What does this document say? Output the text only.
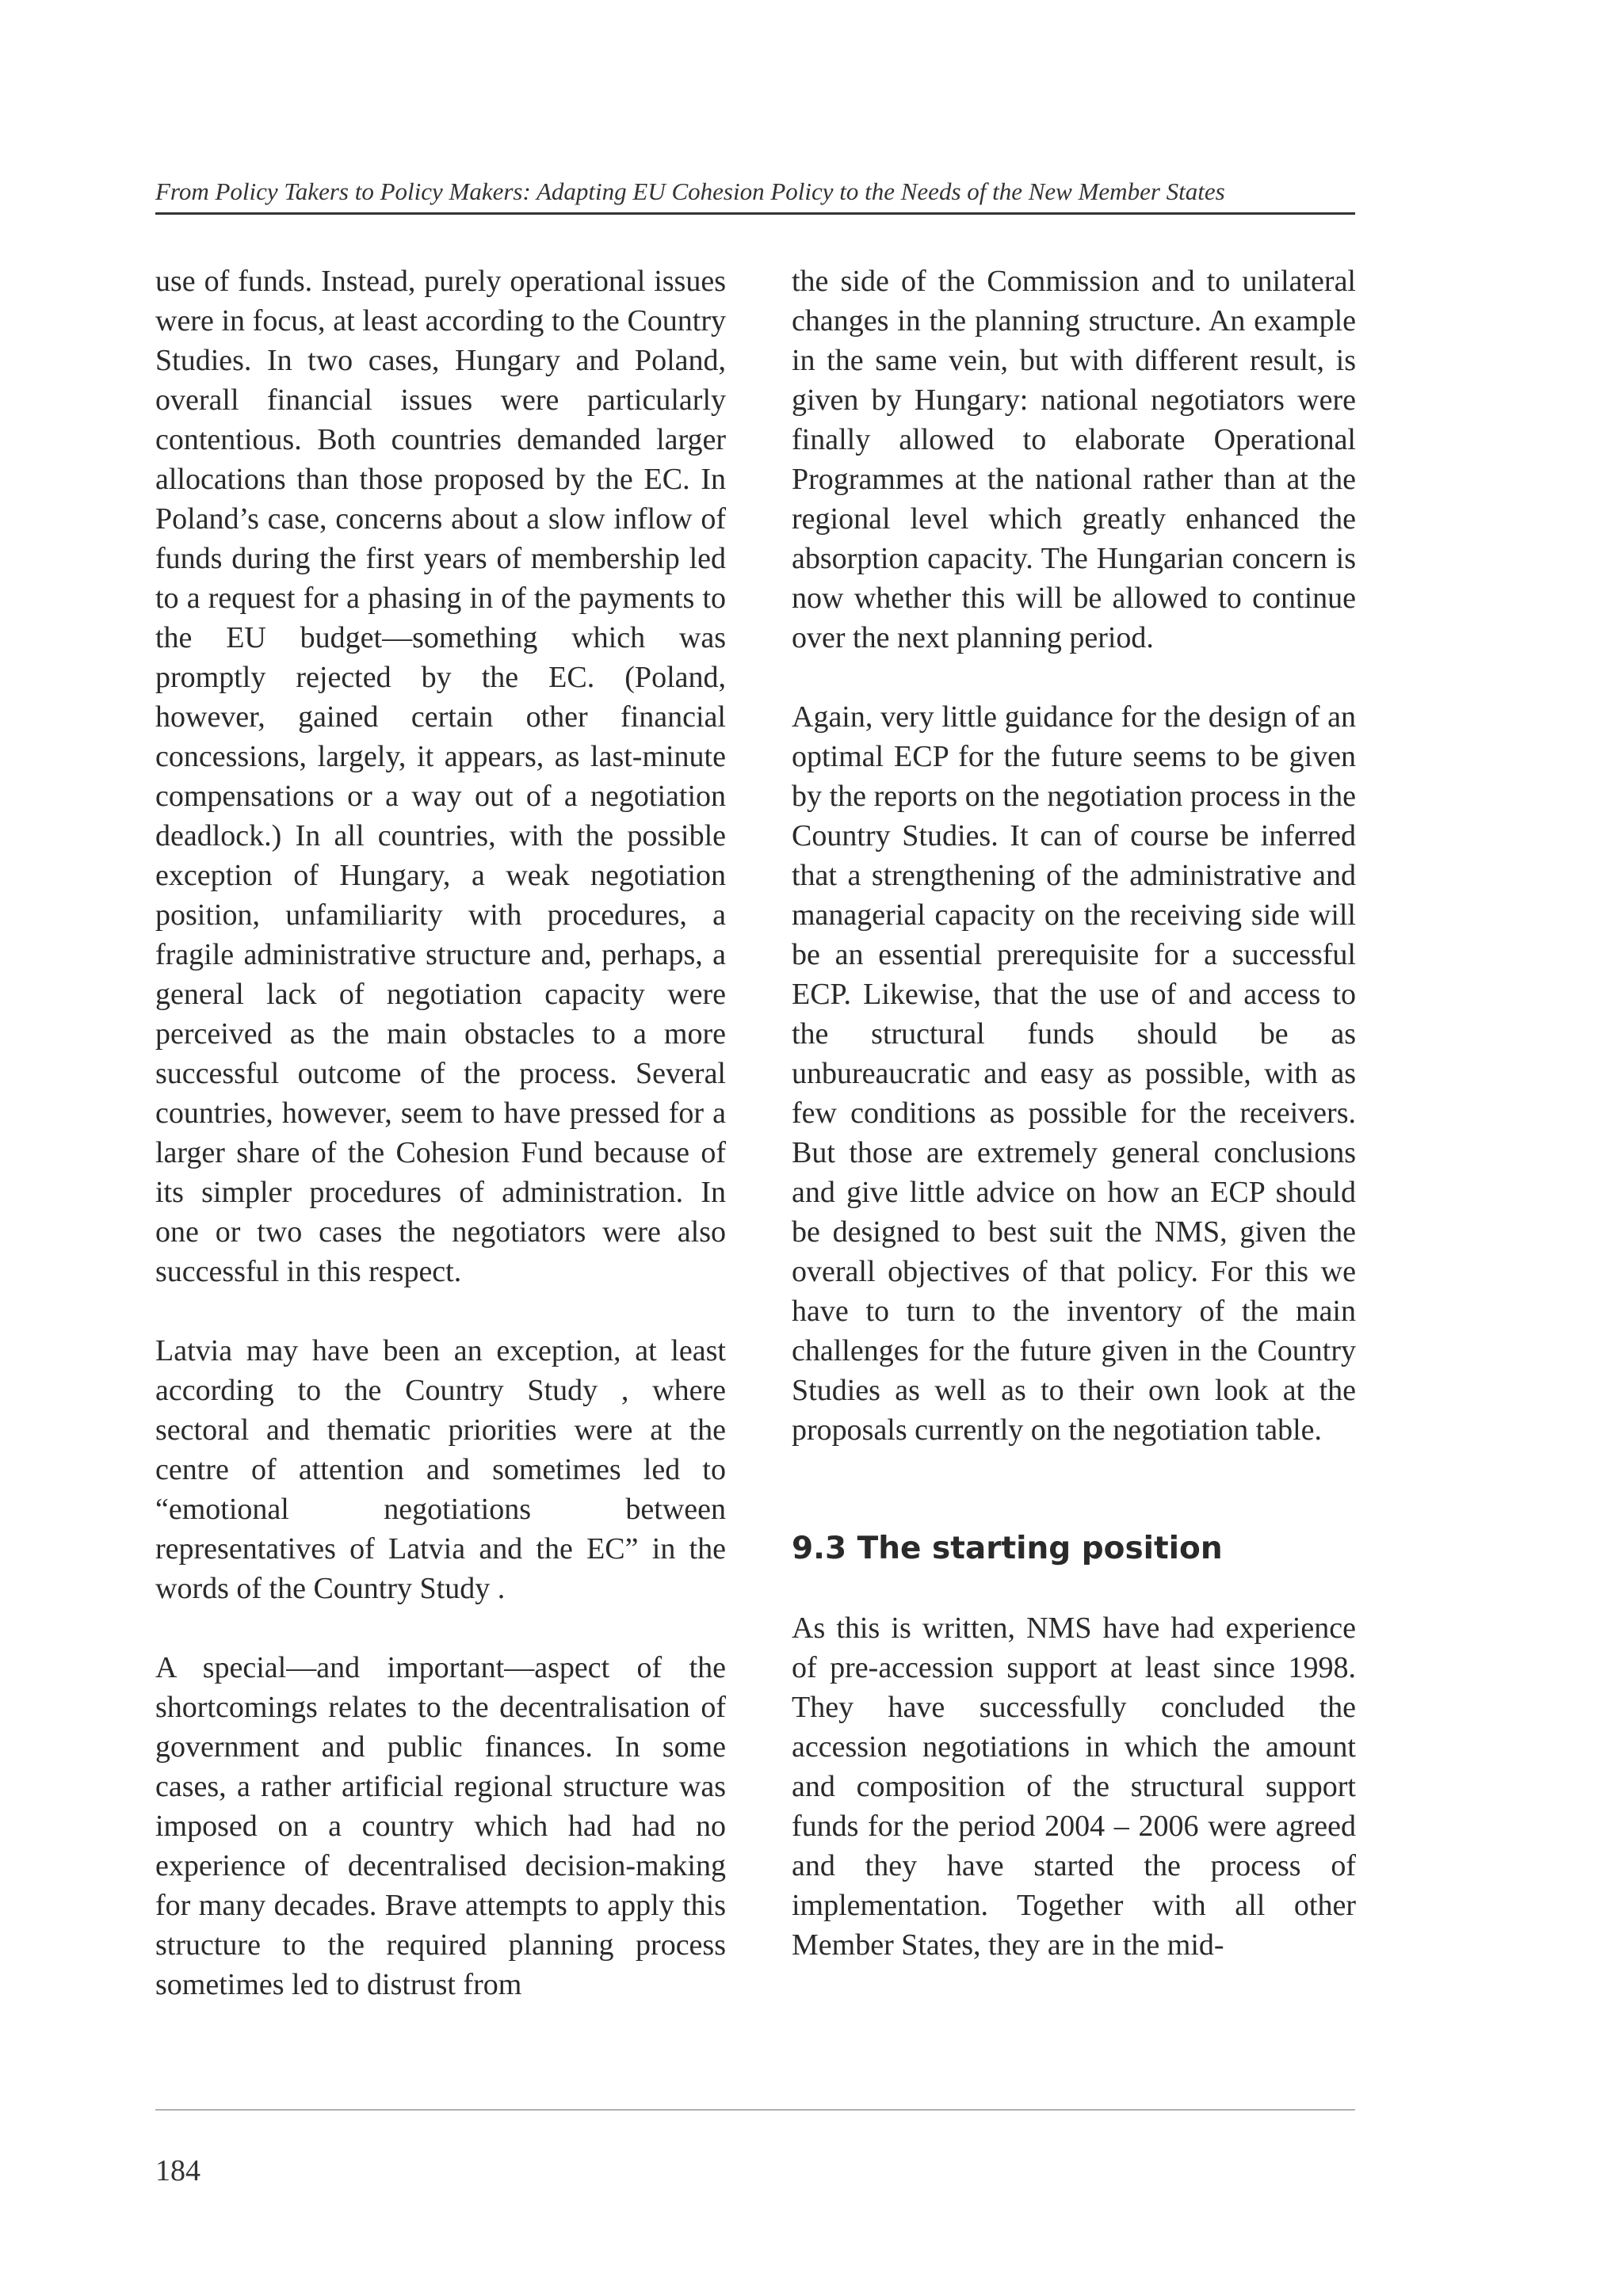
From Policy Takers to Policy Makers: Adapting EU Cohesion Policy to the Needs of the New Member States

use of funds. Instead, purely operational issues were in focus, at least according to the Country Studies. In two cases, Hungary and Poland, overall financial issues were particularly contentious. Both countries demanded larger allocations than those proposed by the EC. In Poland’s case, concerns about a slow inflow of funds during the first years of membership led to a request for a phasing in of the payments to the EU budget—something which was promptly rejected by the EC. (Poland, however, gained certain other financial concessions, largely, it appears, as last-minute compensations or a way out of a negotiation deadlock.) In all countries, with the possible exception of Hungary, a weak negotiation position, unfamiliarity with procedures, a fragile administrative structure and, perhaps, a general lack of negotiation capacity were perceived as the main obstacles to a more successful outcome of the process. Several countries, however, seem to have pressed for a larger share of the Cohesion Fund because of its simpler procedures of administration. In one or two cases the negotiators were also successful in this respect.

Latvia may have been an exception, at least according to the Country Study , where sectoral and thematic priorities were at the centre of attention and sometimes led to “emotional negotiations between representatives of Latvia and the EC” in the words of the Country Study .

A special—and important—aspect of the shortcomings relates to the decentralisation of government and public finances. In some cases, a rather artificial regional structure was imposed on a country which had had no experience of decentralised decision-making for many decades. Brave attempts to apply this structure to the required planning process sometimes led to distrust from

the side of the Commission and to unilateral changes in the planning structure. An example in the same vein, but with different result, is given by Hungary: national negotiators were finally allowed to elaborate Operational Programmes at the national rather than at the regional level which greatly enhanced the absorption capacity. The Hungarian concern is now whether this will be allowed to continue over the next planning period.

Again, very little guidance for the design of an optimal ECP for the future seems to be given by the reports on the negotiation process in the Country Studies. It can of course be inferred that a strengthening of the administrative and managerial capacity on the receiving side will be an essential prerequisite for a successful ECP. Likewise, that the use of and access to the structural funds should be as unbureaucratic and easy as possible, with as few conditions as possible for the receivers. But those are extremely general conclusions and give little advice on how an ECP should be designed to best suit the NMS, given the overall objectives of that policy. For this we have to turn to the inventory of the main challenges for the future given in the Country Studies as well as to their own look at the proposals currently on the negotiation table.

9.3 The starting position

As this is written, NMS have had experience of pre-accession support at least since 1998. They have successfully concluded the accession negotiations in which the amount and composition of the structural support funds for the period 2004 – 2006 were agreed and they have started the process of implementation. Together with all other Member States, they are in the mid-

184
